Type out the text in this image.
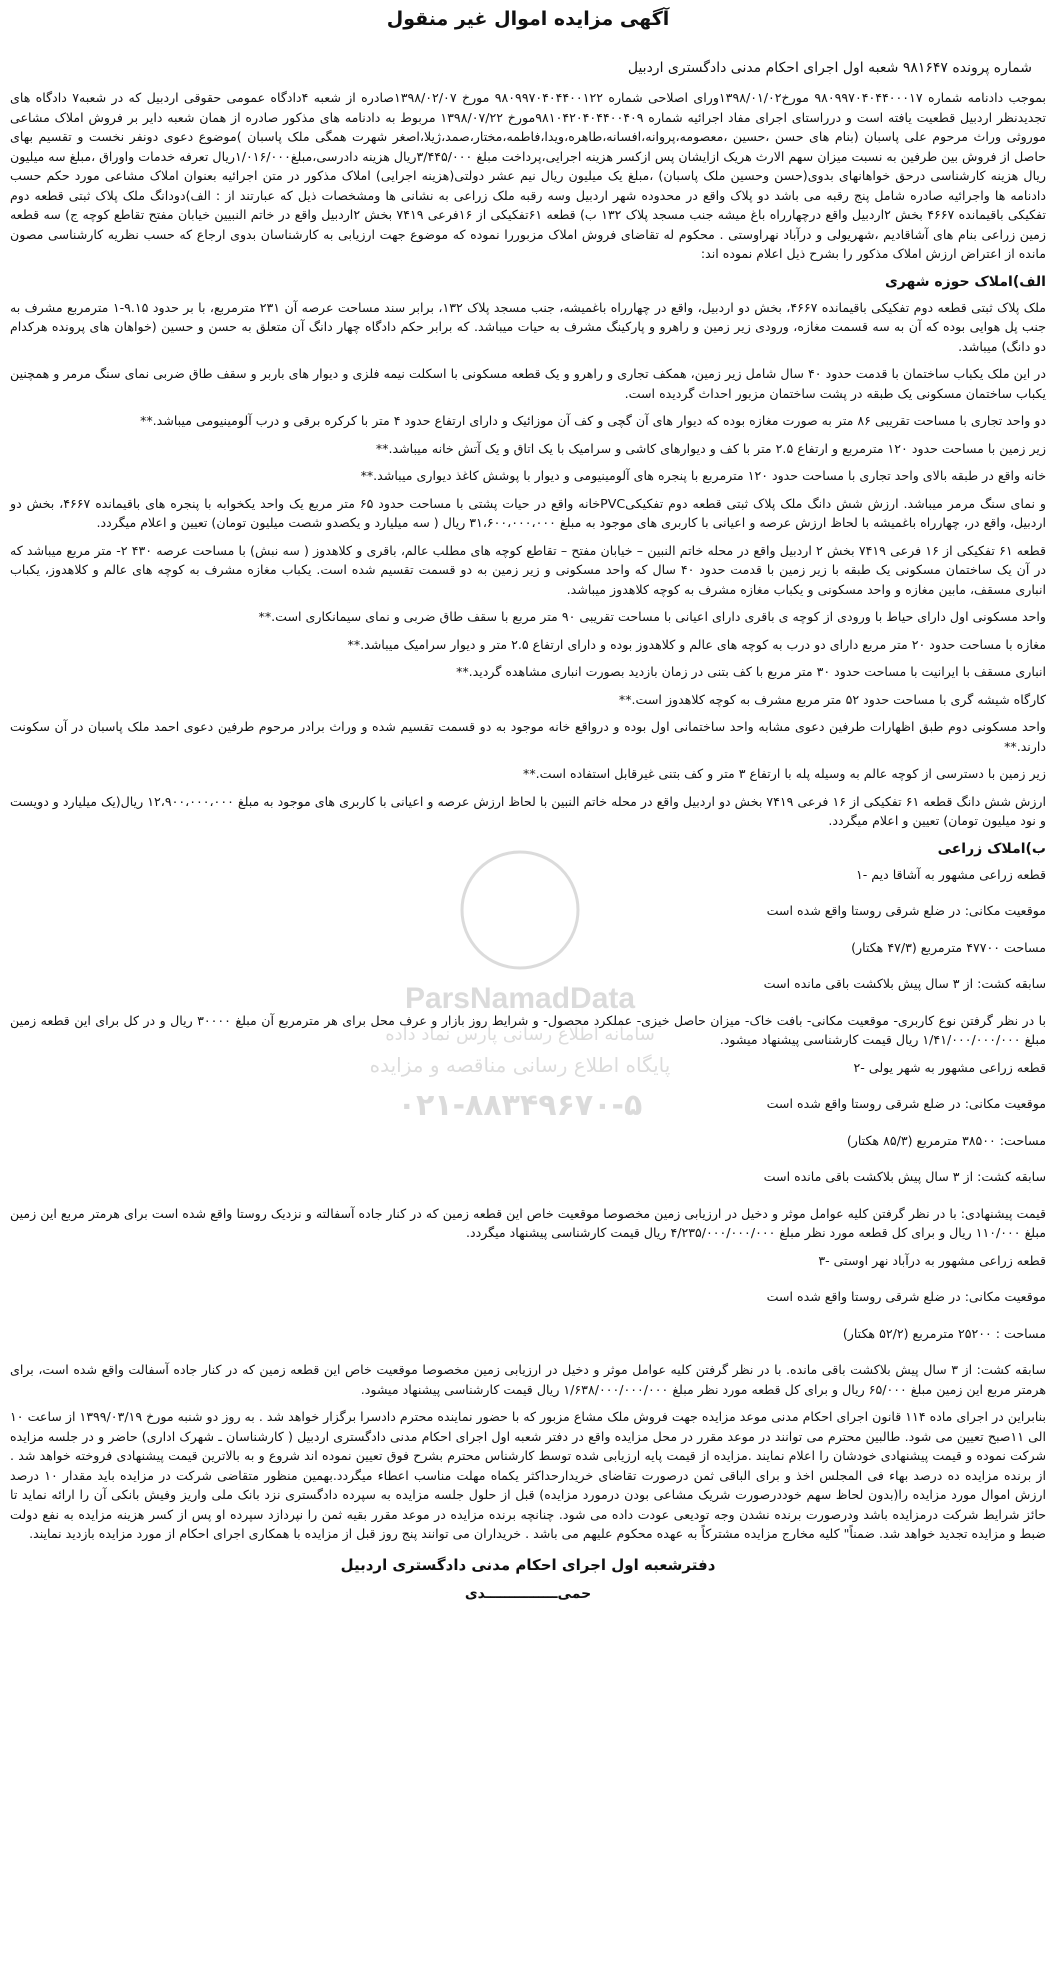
آگهی مزایده اموال غیر منقول
شماره پرونده ۹۸۱۶۴۷ شعبه اول اجرای احکام مدنی دادگستری اردبیل

بموجب دادنامه شماره ۹۸۰۹۹۷۰۴۰۴۴۰۰۰۱۷ مورخ۱۳۹۸/۰۱/۰۲ورای اصلاحی شماره ۹۸۰۹۹۷۰۴۰۴۴۰۰۱۲۲ مورخ ۱۳۹۸/۰۲/۰۷صادره از شعبه ۴دادگاه عمومی حقوقی اردبیل که در شعبه۷ دادگاه های تجدیدنظر اردبیل قطعیت یافته است و درراستای اجرای مفاد اجرائیه شماره ۹۸۱۰۴۲۰۴۰۴۴۰۰۴۰۹مورخ ۱۳۹۸/۰۷/۲۲ مربوط به دادنامه های مذکور صادره از همان شعبه دایر بر فروش املاک مشاعی موروثی وراث مرحوم علی پاسبان (بنام های حسن ،حسین ،معصومه،پروانه،افسانه،طاهره،ویدا،فاطمه،مختار،صمد،ژیلا،اصغر شهرت همگی ملک پاسبان )موضوع دعوی دونفر نخست و تقسیم بهای حاصل از فروش بین طرفین به نسبت میزان سهم الارث هریک ازایشان پس ازکسر هزینه اجرایی،پرداخت مبلغ ۳/۴۴۵/۰۰۰ریال هزینه دادرسی،مبلغ۱/۰۱۶/۰۰۰ریال تعرفه خدمات واوراق ،مبلغ سه میلیون ریال هزینه کارشناسی درحق خواهانهای بدوی(حسن وحسین ملک پاسبان) ،مبلغ یک میلیون ریال نیم عشر دولتی(هزینه اجرایی) املاک مذکور در متن اجرائیه بعنوان املاک مشاعی مورد حکم حسب دادنامه ها واجرائیه صادره شامل پنج رقبه می باشد دو پلاک واقع در محدوده شهر اردبیل وسه رقبه ملک زراعی به نشانی ها ومشخصات ذیل که عبارتند از : الف)دودانگ ملک پلاک ثبتی قطعه دوم تفکیکی باقیمانده ۴۶۶۷ بخش ۲اردبیل واقع درچهارراه باغ میشه جنب مسجد پلاک ۱۳۲ ب) قطعه ۶۱تفکیکی از ۱۶فرعی ۷۴۱۹ بخش ۲اردبیل واقع در خاتم النبیین خیابان مفتح تقاطع کوچه ج) سه قطعه زمین زراعی بنام های آشاقادیم ،شهریولی و درآباد نهراوستی . محکوم له تقاضای فروش املاک مزبوررا نموده که موضوع جهت ارزیابی به کارشناسان بدوی ارجاع که حسب نظریه کارشناسی مصون مانده از اعتراض ارزش املاک مذکور را بشرح ذیل اعلام نموده اند:

الف)املاک حوزه شهری

ملک پلاک ثبتی قطعه دوم تفکیکی باقیمانده ۴۶۶۷، بخش دو اردبیل، واقع در چهارراه باغمیشه، جنب مسجد پلاک ۱۳۲، برابر سند مساحت عرصه آن ۲۳۱ مترمربع، با بر حدود ۹.۱۵-۱ مترمربع مشرف به جنب پل هوایی بوده که آن به سه قسمت مغازه، ورودی زیر زمین و راهرو و پارکینگ مشرف به حیات میباشد. که برابر حکم دادگاه چهار دانگ آن متعلق به حسن و حسین (خواهان های پرونده هرکدام دو دانگ) میباشد.

در این ملک یکباب ساختمان با قدمت حدود ۴۰ سال شامل زیر زمین، همکف تجاری و راهرو و یک قطعه مسکونی با اسکلت نیمه فلزی و دیوار های باربر و سقف طاق ضربی نمای سنگ مرمر و همچنین یکباب ساختمان مسکونی یک طبقه در پشت ساختمان مزبور احداث گردیده است.

دو واحد تجاری با مساحت تقریبی ۸۶ متر به صورت مغازه بوده که دیوار های آن گچی و کف آن موزائیک و دارای ارتفاع حدود ۴ متر با کرکره برقی و درب آلومینیومی میباشد.**

زیر زمین با مساحت حدود ۱۲۰ مترمربع و ارتفاع ۲.۵ متر با کف و دیوارهای کاشی و سرامیک با یک اتاق و یک آتش خانه میباشد.**

خانه واقع در طبقه بالای واحد تجاری با مساحت حدود ۱۲۰ مترمربع با پنجره های آلومینیومی و دیوار با پوشش کاغذ دیواری میباشد.**

و نمای سنگ مرمر میباشد. ارزش شش دانگ ملک پلاک ثبتی قطعه دوم تفکیکیPVCخانه واقع در حیات پشتی با مساحت حدود ۶۵ متر مربع یک واحد یکخوابه با پنجره های باقیمانده ۴۶۶۷، بخش دو اردبیل، واقع در، چهارراه باغمیشه با لحاظ ارزش عرصه و اعیانی با کاربری های موجود به مبلغ ۳۱،۶۰۰،۰۰۰،۰۰۰ ریال ( سه میلیارد و یکصدو شصت میلیون تومان) تعیین و اعلام میگردد.

قطعه ۶۱ تفکیکی از ۱۶ فرعی ۷۴۱۹ بخش ۲ اردبیل واقع در محله خاتم النبین – خیابان مفتح – تقاطع کوچه های مطلب عالم، باقری و کلاهدوز ( سه نبش) با مساحت عرصه ۴۳۰ ۲- متر مربع میباشد که در آن یک ساختمان مسکونی یک طبقه با زیر زمین با قدمت حدود ۴۰ سال که واحد مسکونی و زیر زمین به دو قسمت تقسیم شده است. یکباب مغازه مشرف به کوچه های عالم و کلاهدوز، یکباب انباری مسقف، مابین مغازه و واحد مسکونی و یکباب مغازه مشرف به کوچه کلاهدوز میباشد.

واحد مسکونی اول دارای حیاط با ورودی از کوچه ی باقری دارای اعیانی با مساحت تقریبی ۹۰ متر مربع با سقف طاق ضربی و نمای سیمانکاری است.**

مغازه با مساحت حدود ۲۰ متر مربع دارای دو درب به کوچه های عالم و کلاهدوز بوده و دارای ارتفاع ۲.۵ متر و دیوار سرامیک میباشد.**

انباری مسقف با ایرانیت با مساحت حدود ۳۰ متر مربع با کف بتنی در زمان بازدید بصورت انباری مشاهده گردید.**

کارگاه شیشه گری با مساحت حدود ۵۲ متر مربع مشرف به کوچه کلاهدوز است.**

واحد مسکونی دوم طبق اظهارات طرفین دعوی مشابه واحد ساختمانی اول بوده و درواقع خانه موجود به دو قسمت تقسیم شده و وراث برادر مرحوم طرفین دعوی احمد ملک پاسبان در آن سکونت دارند.**

زیر زمین با دسترسی از کوچه عالم به وسیله پله با ارتفاع ۳ متر و کف بتنی غیرقابل استفاده است.**

ارزش شش دانگ قطعه ۶۱ تفکیکی از ۱۶ فرعی ۷۴۱۹ بخش دو اردبیل واقع در محله خاتم النبین با لحاظ ارزش عرصه و اعیانی با کاربری های موجود به مبلغ ۱۲،۹۰۰،۰۰۰،۰۰۰ ریال(یک میلیارد و دویست و نود میلیون تومان) تعیین و اعلام میگردد.

ب)املاک زراعی

قطعه زراعی مشهور به آشاقا دیم -۱

موقعیت مکانی: در ضلع شرقی روستا واقع شده است

مساحت ۴۷۷۰۰ مترمربع (۴۷/۳ هکتار)

سابقه کشت: از ۳ سال پیش بلاکشت باقی مانده است

با در نظر گرفتن نوع کاربری- موقعیت مکانی- بافت خاک- میزان حاصل خیزی- عملکرد محصول- و شرایط روز بازار و عرف محل برای هر مترمربع آن مبلغ ۳۰۰۰۰ ریال و در کل برای این قطعه زمین مبلغ ۱/۴۱/۰۰۰/۰۰۰/۰۰۰ ریال قیمت کارشناسی پیشنهاد میشود.

قطعه زراعی مشهور به شهر یولی -۲

موقعیت مکانی: در ضلع شرقی روستا واقع شده است

مساحت: ۳۸۵۰۰ مترمربع (۸۵/۳ هکتار)

سابقه کشت: از ۳ سال پیش بلاکشت باقی مانده است

قیمت پیشنهادی: با در نظر گرفتن کلیه عوامل موثر و دخیل در ارزیابی زمین مخصوصا موقعیت خاص این قطعه زمین که در کنار جاده آسفالته و نزدیک روستا واقع شده است برای هرمتر مربع این زمین مبلغ ۱۱۰/۰۰۰ ریال و برای کل قطعه مورد نظر مبلغ ۴/۲۳۵/۰۰۰/۰۰۰/۰۰۰ ریال قیمت کارشناسی پیشنهاد میگردد.

قطعه زراعی مشهور به درآباد نهر اوستی -۳

موقعیت مکانی: در ضلع شرقی روستا واقع شده است

مساحت : ۲۵۲۰۰ مترمربع (۵۲/۲ هکتار)

سابقه کشت: از ۳ سال پیش بلاکشت باقی مانده. با در نظر گرفتن کلیه عوامل موثر و دخیل در ارزیابی زمین مخصوصا موقعیت خاص این قطعه زمین که در کنار جاده آسفالت واقع شده است، برای هرمتر مربع این زمین مبلغ ۶۵/۰۰۰ ریال و برای کل قطعه مورد نظر مبلغ ۱/۶۳۸/۰۰۰/۰۰۰/۰۰۰ ریال قیمت کارشناسی پیشنهاد میشود.

بنابراین در اجرای ماده ۱۱۴ قانون اجرای احکام مدنی موعد مزایده جهت فروش ملک مشاع مزبور که با حضور نماینده محترم دادسرا برگزار خواهد شد . به روز دو شنبه مورخ ۱۳۹۹/۰۳/۱۹ از ساعت ۱۰ الی ۱۱صبح تعیین می شود. طالبین محترم می توانند در موعد مقرر در محل مزایده واقع در دفتر شعبه اول اجرای احکام مدنی دادگستری اردبیل ( کارشناسان ـ شهرک اداری) حاضر و در جلسه مزایده شرکت نموده و قیمت پیشنهادی خودشان را اعلام نمایند .مزایده از قیمت پایه ارزیابی شده توسط کارشناس محترم بشرح فوق تعیین نموده اند شروع و به بالاترین قیمت پیشنهادی فروخته خواهد شد . از برنده مزایده ده درصد بهاء فی المجلس اخذ و برای الباقی ثمن درصورت تقاضای خریدارحداکثر یکماه مهلت مناسب اعطاء میگردد.بهمین منظور متقاضی شرکت در مزایده باید مقدار ۱۰ درصد ارزش اموال مورد مزایده را(بدون لحاظ سهم خوددرصورت شریک مشاعی بودن درمورد مزایده) قبل از حلول جلسه مزایده به سپرده دادگستری نزد بانک ملی واریز وفیش بانکی آن را ارائه نماید تا حائز شرایط شرکت درمزایده باشد ودرصورت برنده نشدن وجه تودیعی عودت داده می شود. چنانچه برنده مزایده در موعد مقرر بقیه ثمن را نپردازد سپرده او پس از کسر هزینه مزایده به نفع دولت ضبط و مزایده تجدید خواهد شد. ضمناً" کلیه مخارج مزایده مشترکاً به عهده محکوم علیهم می باشد . خریداران می توانند پنج روز قبل از مزایده با همکاری اجرای احکام از مورد مزایده بازدید نمایند.

دفترشعبه اول اجرای احکام مدنی دادگستری اردبیل
حمی‌ـــــــــــــــدی
ParsNamadData
سامانه اطلاع رسانی پارس نماد داده
پایگاه اطلاع رسانی مناقصه و مزایده
۰۲۱-۸۸۳۴۹۶۷۰-۵
